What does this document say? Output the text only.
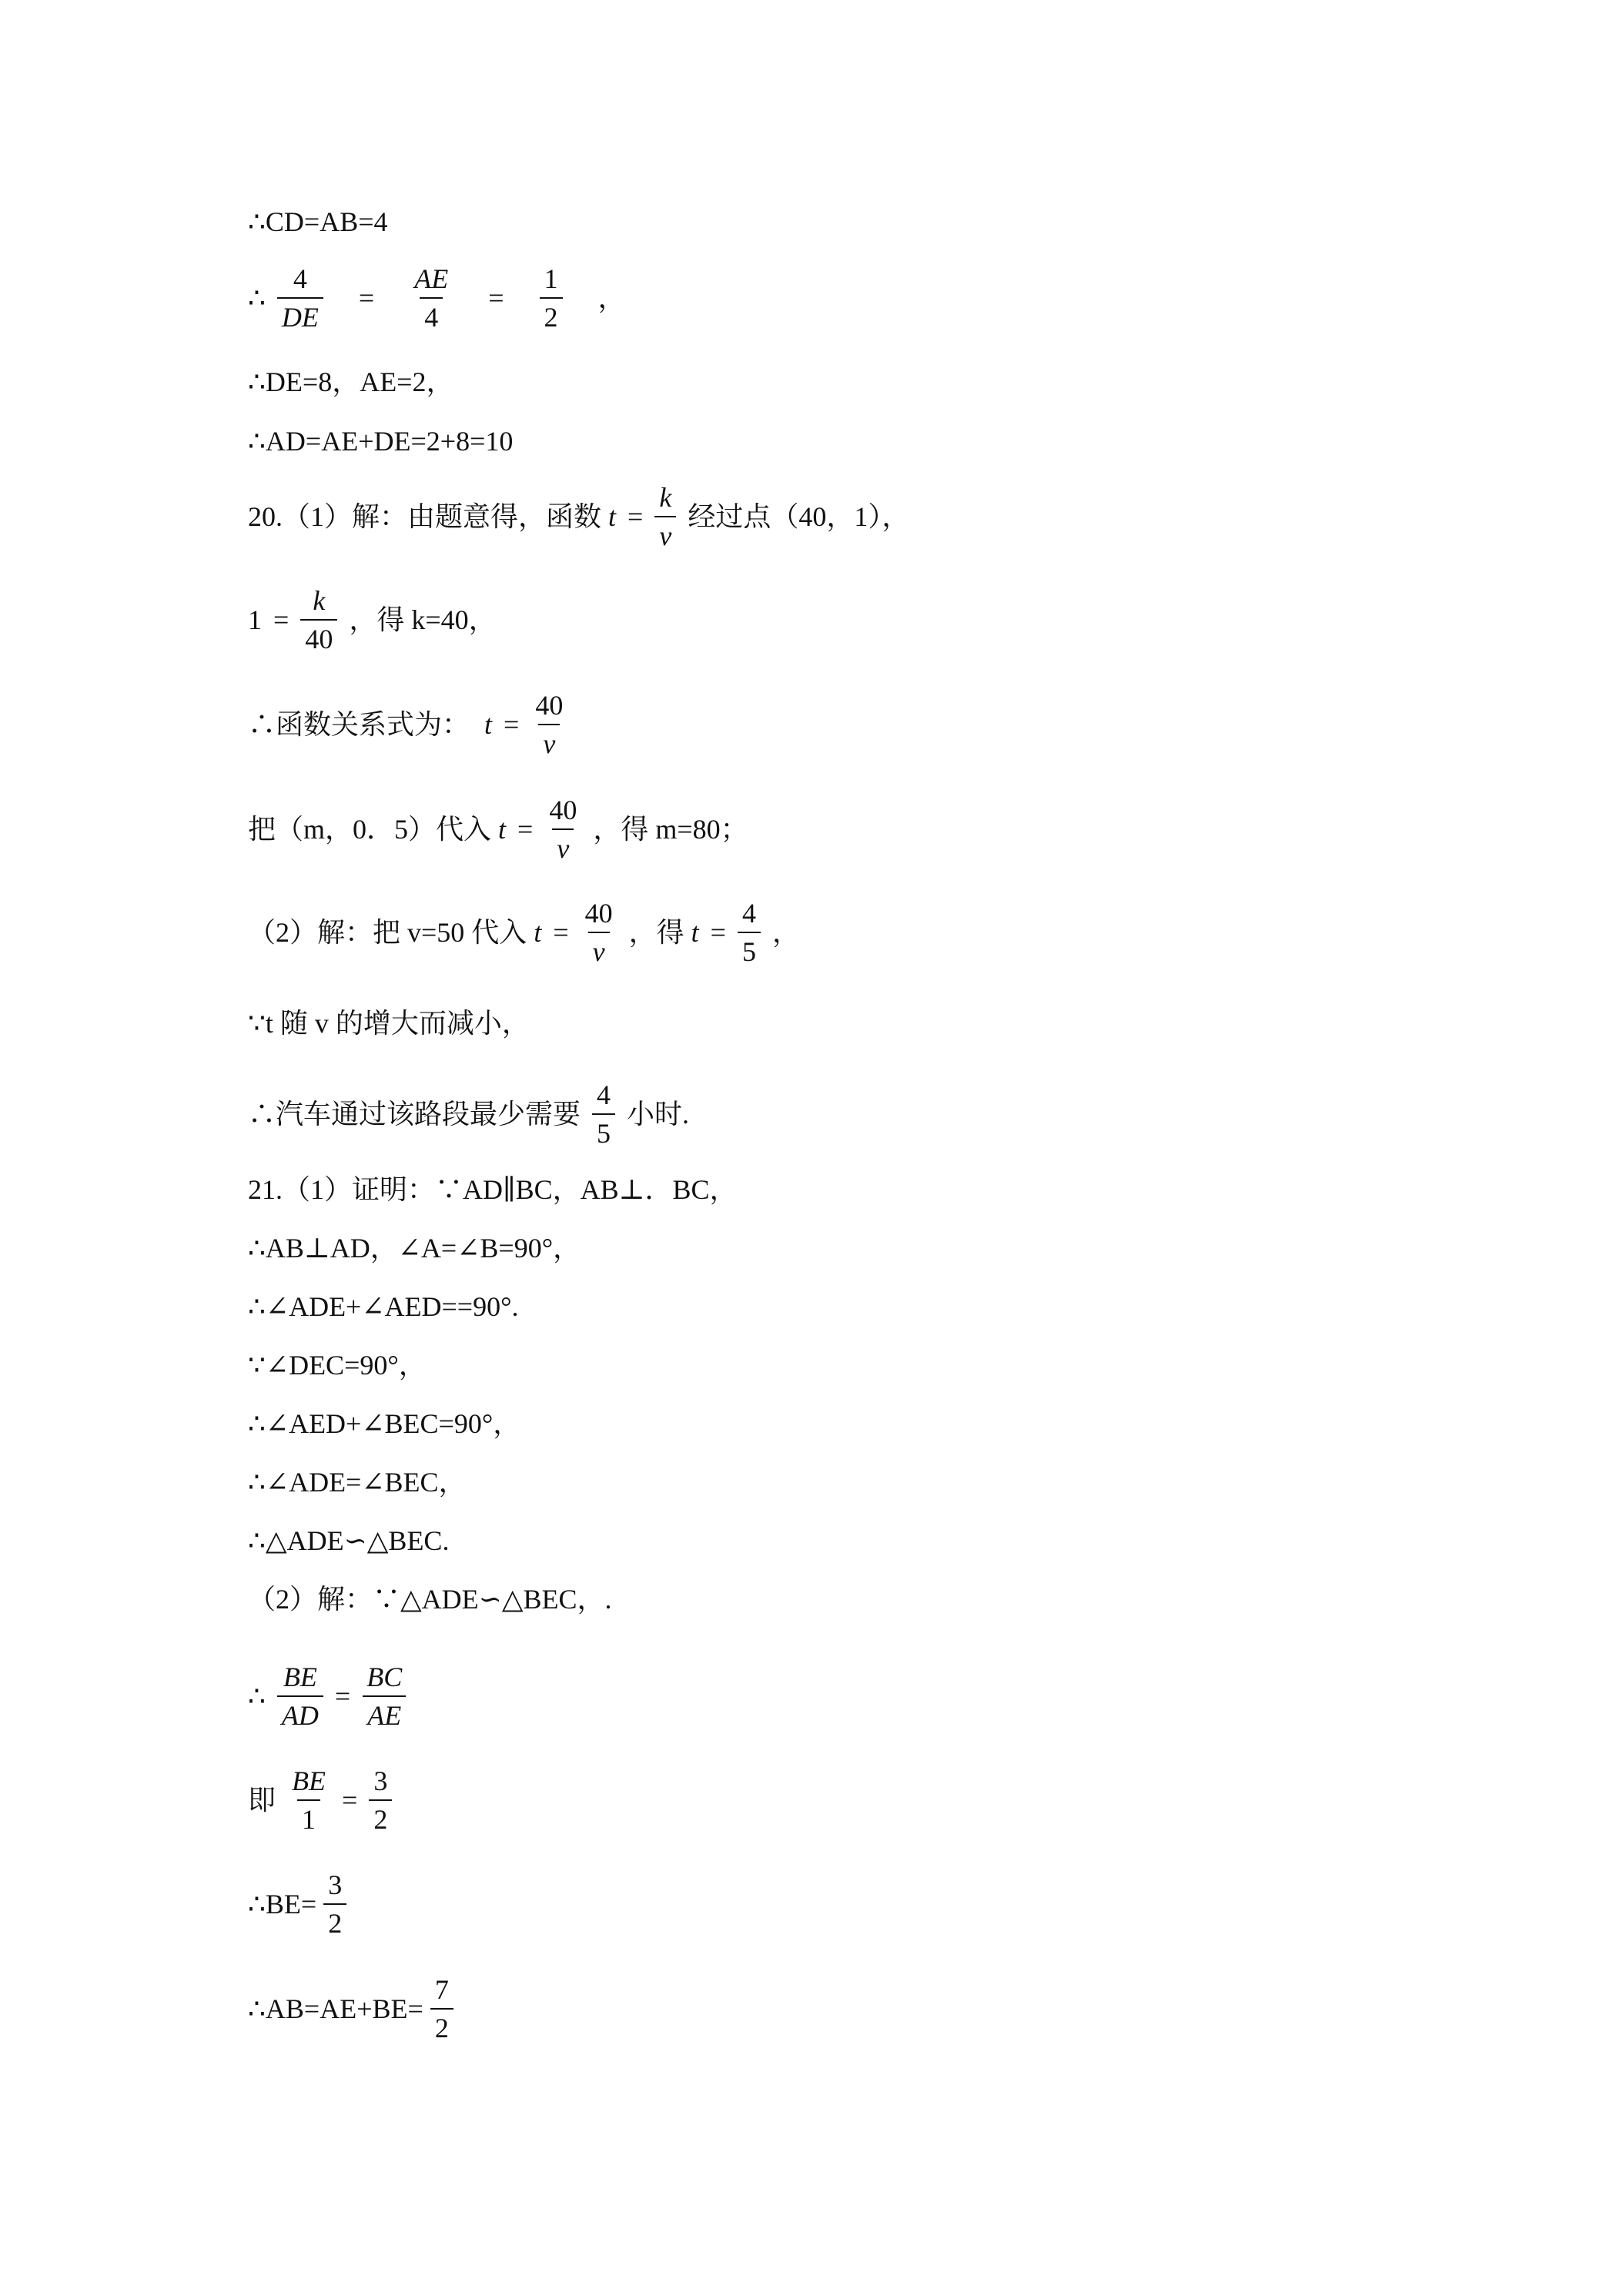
∴CD=AB=4
∴ $\frac{4}{DE} = \frac{AE}{4} = \frac{1}{2}$ ，
∴DE=8，AE=2，
∴AD=AE+DE=2+8=10
20.（1）解：由题意得，函数 $t = \frac{k}{v}$ 经过点（40，1），
$1 = \frac{k}{40}$ ，得 k=40，
∴函数关系式为： $t = \frac{40}{v}$
把（m，0．5）代入 $t = \frac{40}{v}$ ，得 m=80；
（2）解：把 v=50 代入 $t = \frac{40}{v}$ ，得 $t = \frac{4}{5}$ ，
∵t 随 v 的增大而减小，
∴汽车通过该路段最少需要 $\frac{4}{5}$ 小时.
21.（1）证明：∵AD∥BC，AB⊥．BC，
∴AB⊥AD，∠A=∠B=90°，
∴∠ADE+∠AED==90°.
∵∠DEC=90°，
∴∠AED+∠BEC=90°，
∴∠ADE=∠BEC，
∴△ADE∽△BEC.
（2）解：∵△ADE∽△BEC，.
∴ $\frac{BE}{AD} = \frac{BC}{AE}$
即 $\frac{BE}{1} = \frac{3}{2}$
∴BE= $\frac{3}{2}$
∴AB=AE+BE= $\frac{7}{2}$
